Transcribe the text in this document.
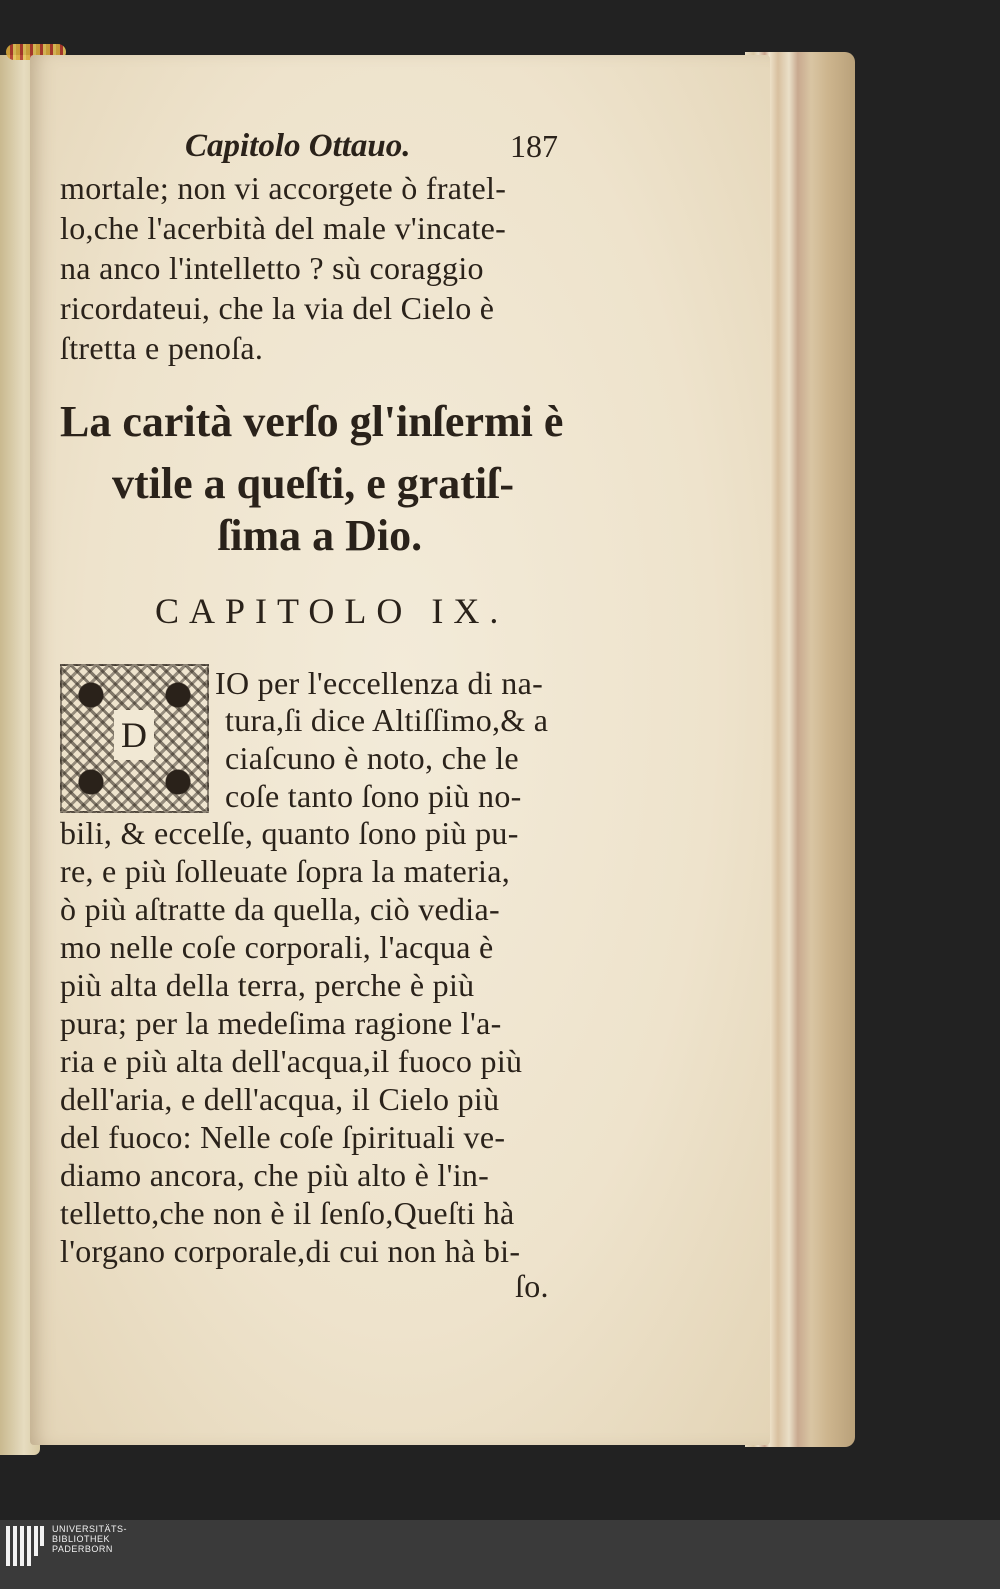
Capitolo Ottauo.	187
mortale; non vi accorgete ò fratel-
lo,che l'acerbità del male v'incate-
na anco l'intelletto ? sù coraggio
ricordateui, che la via del Cielo è
ſtretta e penoſa.
La carità verſo gl'inſermi è
vtile a queſti, e gratiſ-
ſima a Dio.
CAPITOLO IX.
D
IO per l'eccellenza di na-
tura,ſi dice Altiſſimo,& a
ciaſcuno è noto, che le
coſe tanto ſono più no-
bili, & eccelſe, quanto ſono più pu-
re, e più ſolleuate ſopra la materia,
ò più aſtratte da quella, ciò vedia-
mo nelle coſe corporali, l'acqua è
più alta della terra, perche è più
pura; per la medeſima ragione l'a-
ria e più alta dell'acqua,il fuoco più
dell'aria, e dell'acqua, il Cielo più
del fuoco: Nelle coſe ſpirituali ve-
diamo ancora, che più alto è l'in-
telletto,che non è il ſenſo,Queſti hà
l'organo corporale,di cui non hà bi-
ſo.
UNIVERSITÄTS-
BIBLIOTHEK
PADERBORN
